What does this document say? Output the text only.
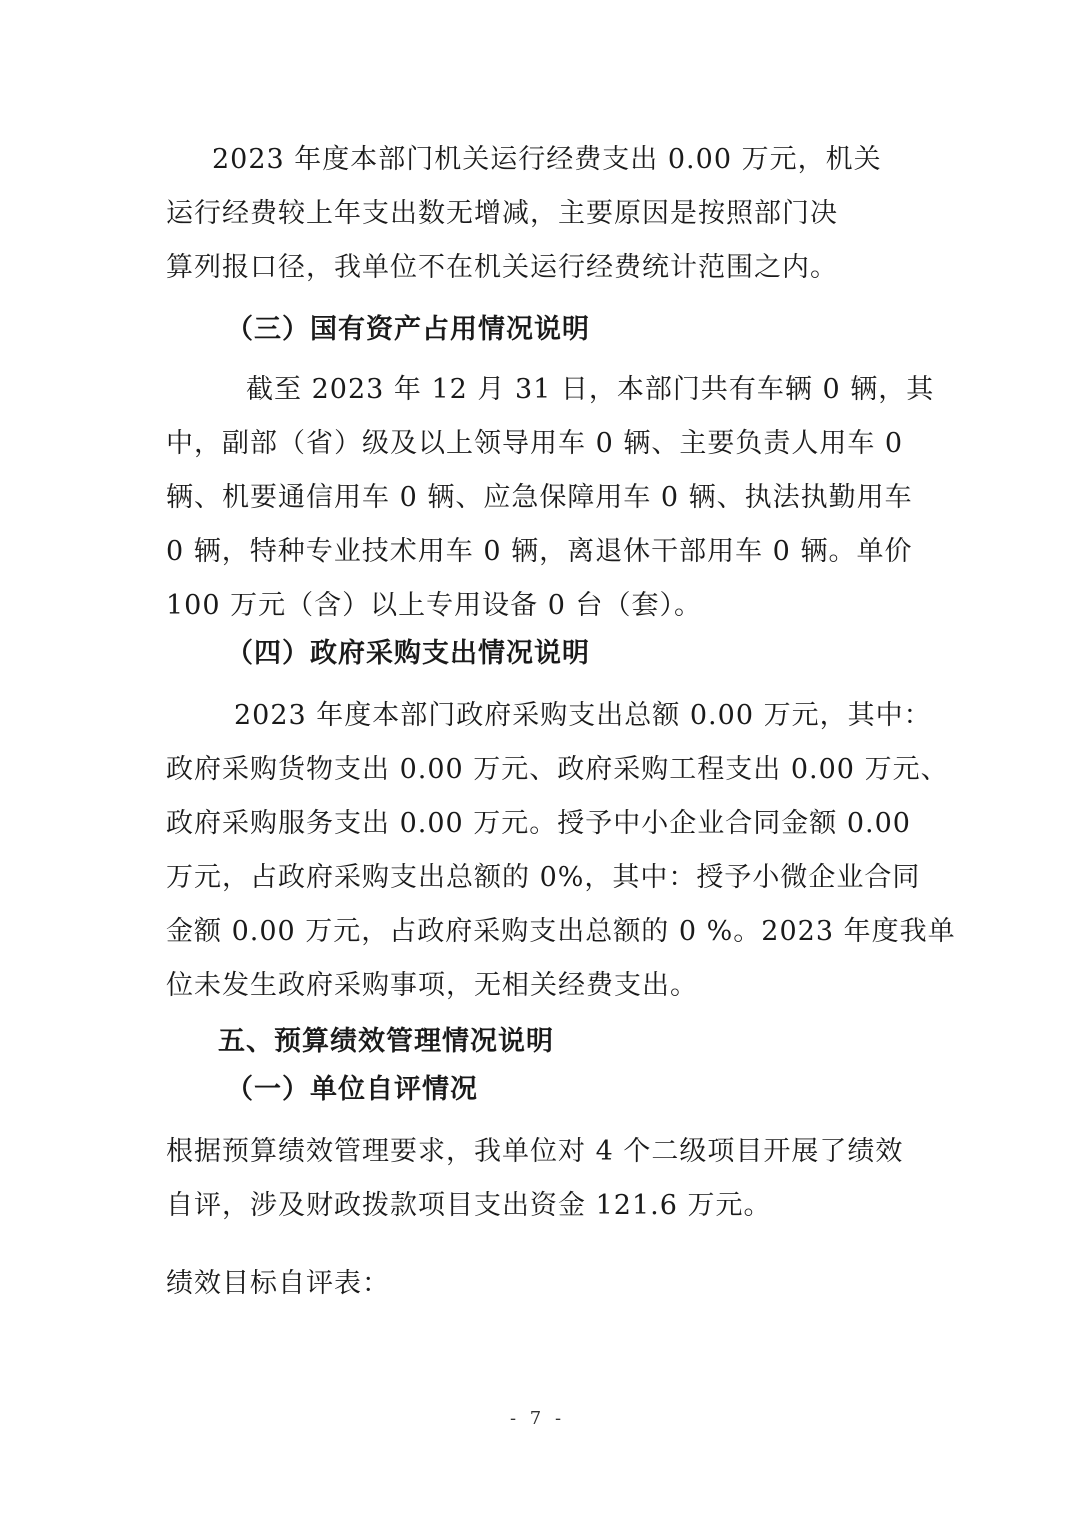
2023 年度本部门机关运行经费支出 0.00 万元，机关
运行经费较上年支出数无增减，主要原因是按照部门决
算列报口径，我单位不在机关运行经费统计范围之内。
（三）国有资产占用情况说明
截至 2023 年 12 月 31 日，本部门共有车辆 0 辆，其
中，副部（省）级及以上领导用车 0 辆、主要负责人用车 0
辆、机要通信用车 0 辆、应急保障用车 0 辆、执法执勤用车
0 辆，特种专业技术用车 0 辆，离退休干部用车 0 辆。单价
100 万元（含）以上专用设备 0 台（套）。
（四）政府采购支出情况说明
2023 年度本部门政府采购支出总额 0.00 万元，其中：
政府采购货物支出 0.00 万元、政府采购工程支出 0.00 万元、
政府采购服务支出 0.00 万元。授予中小企业合同金额 0.00
万元，占政府采购支出总额的 0%，其中：授予小微企业合同
金额 0.00 万元，占政府采购支出总额的 0 %。2023 年度我单
位未发生政府采购事项，无相关经费支出。
五、预算绩效管理情况说明
（一）单位自评情况
根据预算绩效管理要求，我单位对 4 个二级项目开展了绩效
自评，涉及财政拨款项目支出资金 121.6 万元。
绩效目标自评表：
- 7 -
